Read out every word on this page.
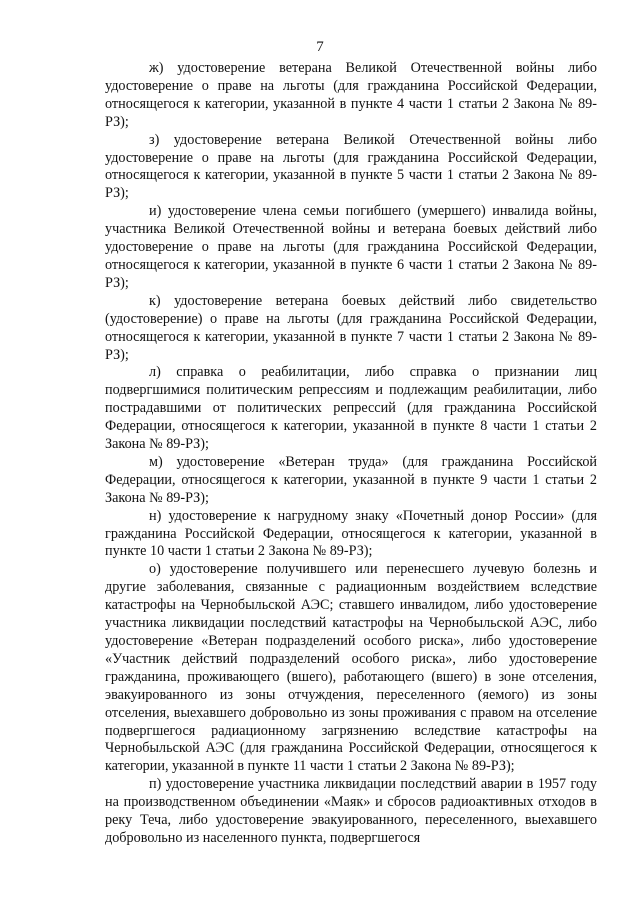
7

ж) удостоверение ветерана Великой Отечественной войны либо удостоверение о праве на льготы (для гражданина Российской Федерации, относящегося к категории, указанной в пункте 4 части 1 статьи 2 Закона № 89-РЗ);

з) удостоверение ветерана Великой Отечественной войны либо удостоверение о праве на льготы (для гражданина Российской Федерации, относящегося к категории, указанной в пункте 5 части 1 статьи 2 Закона № 89-РЗ);

и) удостоверение члена семьи погибшего (умершего) инвалида войны, участника Великой Отечественной войны и ветерана боевых действий либо удостоверение о праве на льготы (для гражданина Российской Федерации, относящегося к категории, указанной в пункте 6 части 1 статьи 2 Закона № 89-РЗ);

к) удостоверение ветерана боевых действий либо свидетельство (удостоверение) о праве на льготы (для гражданина Российской Федерации, относящегося к категории, указанной в пункте 7 части 1 статьи 2 Закона № 89-РЗ);

л) справка о реабилитации, либо справка о признании лиц подвергшимися политическим репрессиям и подлежащим реабилитации, либо пострадавшими от политических репрессий (для гражданина Российской Федерации, относящегося к категории, указанной в пункте 8 части 1 статьи 2 Закона № 89-РЗ);

м) удостоверение «Ветеран труда» (для гражданина Российской Федерации, относящегося к категории, указанной в пункте 9 части 1 статьи 2 Закона № 89-РЗ);

н) удостоверение к нагрудному знаку «Почетный донор России» (для гражданина Российской Федерации, относящегося к категории, указанной в пункте 10 части 1 статьи 2 Закона № 89-РЗ);

о) удостоверение получившего или перенесшего лучевую болезнь и другие заболевания, связанные с радиационным воздействием вследствие катастрофы на Чернобыльской АЭС; ставшего инвалидом, либо удостоверение участника ликвидации последствий катастрофы на Чернобыльской АЭС, либо удостоверение «Ветеран подразделений особого риска», либо удостоверение «Участник действий подразделений особого риска», либо удостоверение гражданина, проживающего (вшего), работающего (вшего) в зоне отселения, эвакуированного из зоны отчуждения, переселенного (яемого) из зоны отселения, выехавшего добровольно из зоны проживания с правом на отселение подвергшегося радиационному загрязнению вследствие катастрофы на Чернобыльской АЭС (для гражданина Российской Федерации, относящегося к категории, указанной в пункте 11 части 1 статьи 2 Закона № 89-РЗ);

п) удостоверение участника ликвидации последствий аварии в 1957 году на производственном объединении «Маяк» и сбросов радиоактивных отходов в реку Теча, либо удостоверение эвакуированного, переселенного, выехавшего добровольно из населенного пункта, подвергшегося
